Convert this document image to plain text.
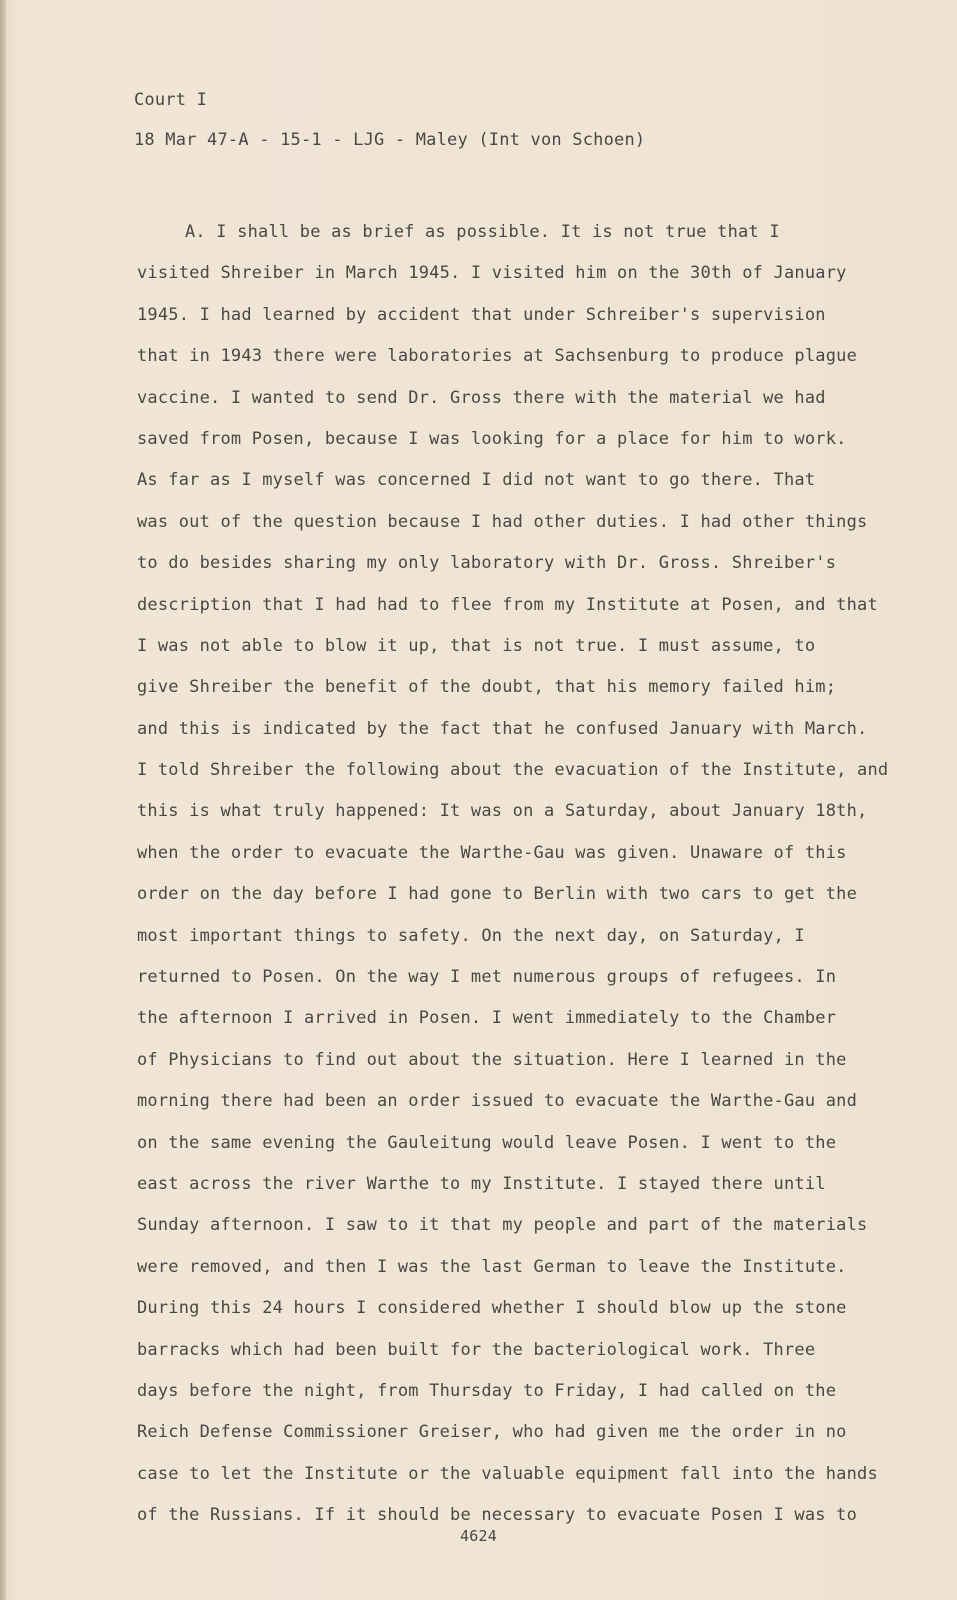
Court I
18 Mar 47-A - 15-1 - LJG - Maley (Int von Schoen)
A. I shall be as brief as possible. It is not true that I
visited Shreiber in March 1945. I visited him on the 30th of January
1945. I had learned by accident that under Schreiber's supervision
that in 1943 there were laboratories at Sachsenburg to produce plague
vaccine. I wanted to send Dr. Gross there with the material we had
saved from Posen, because I was looking for a place for him to work.
As far as I myself was concerned I did not want to go there. That
was out of the question because I had other duties. I had other things
to do besides sharing my only laboratory with Dr. Gross. Shreiber's
description that I had had to flee from my Institute at Posen, and that
I was not able to blow it up, that is not true. I must assume, to
give Shreiber the benefit of the doubt, that his memory failed him;
and this is indicated by the fact that he confused January with March.
I told Shreiber the following about the evacuation of the Institute, and
this is what truly happened: It was on a Saturday, about January 18th,
when the order to evacuate the Warthe-Gau was given. Unaware of this
order on the day before I had gone to Berlin with two cars to get the
most important things to safety. On the next day, on Saturday, I
returned to Posen. On the way I met numerous groups of refugees. In
the afternoon I arrived in Posen. I went immediately to the Chamber
of Physicians to find out about the situation. Here I learned in the
morning there had been an order issued to evacuate the Warthe-Gau and
on the same evening the Gauleitung would leave Posen. I went to the
east across the river Warthe to my Institute. I stayed there until
Sunday afternoon. I saw to it that my people and part of the materials
were removed, and then I was the last German to leave the Institute.
During this 24 hours I considered whether I should blow up the stone
barracks which had been built for the bacteriological work. Three
days before the night, from Thursday to Friday, I had called on the
Reich Defense Commissioner Greiser, who had given me the order in no
case to let the Institute or the valuable equipment fall into the hands
of the Russians. If it should be necessary to evacuate Posen I was to
4624
